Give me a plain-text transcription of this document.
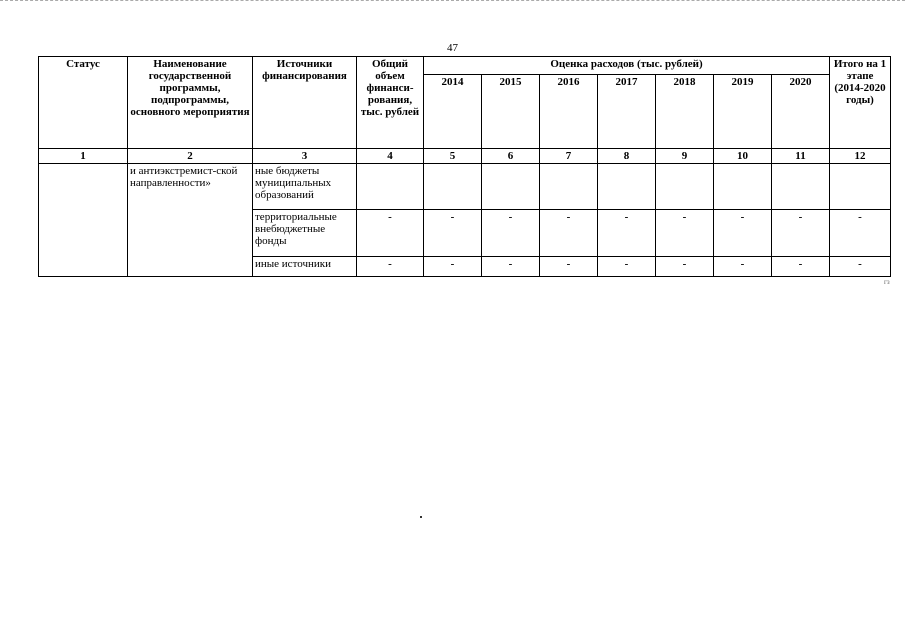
47
Статус	Наименование государственной программы, подпрограммы, основного мероприятия	Источники финансирования	Общий объем финанси-рования, тыс. рублей	Оценка расходов (тыс. рублей)							Итого на 1 этапе (2014-2020 годы)
				2014	2015	2016	2017	2018	2019	2020	
1	2	3	4	5	6	7	8	9	10	11	12
	и антиэкстремист-ской направленности»	ные бюджеты муниципальных образований									
		территориальные внебюджетные фонды	-	-	-	-	-	-	-	-	-
		иные источники	-	-	-	-	-	-	-	-	-
гз
